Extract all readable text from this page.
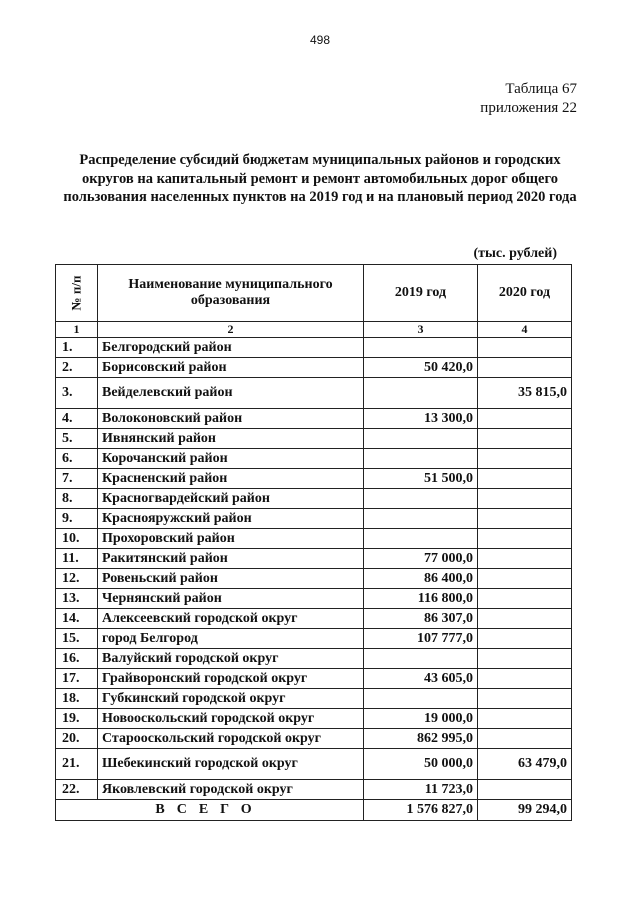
498
Таблица 67
приложения 22
Распределение субсидий бюджетам муниципальных районов и городских округов на капитальный ремонт и ремонт автомобильных дорог общего пользования населенных пунктов на 2019 год и на плановый период 2020 года
(тыс. рублей)
№ п/п	Наименование муниципального образования	2019 год	2020 год
1	2	3	4
1.	Белгородский район		
2.	Борисовский район	50 420,0	
3.	Вейделевский район		35 815,0
4.	Волоконовский район	13 300,0	
5.	Ивнянский район		
6.	Корочанский район		
7.	Красненский район	51 500,0	
8.	Красногвардейский район		
9.	Краснояружский район		
10.	Прохоровский район		
11.	Ракитянский район	77 000,0	
12.	Ровеньский район	86 400,0	
13.	Чернянский район	116 800,0	
14.	Алексеевский городской округ	86 307,0	
15.	город Белгород	107 777,0	
16.	Валуйский городской округ		
17.	Грайворонский городской округ	43 605,0	
18.	Губкинский городской округ		
19.	Новооскольский городской округ	19 000,0	
20.	Старооскольский городской округ	862 995,0	
21.	Шебекинский городской округ	50 000,0	63 479,0
22.	Яковлевский городской округ	11 723,0	
ВСЕГО		1 576 827,0	99 294,0
